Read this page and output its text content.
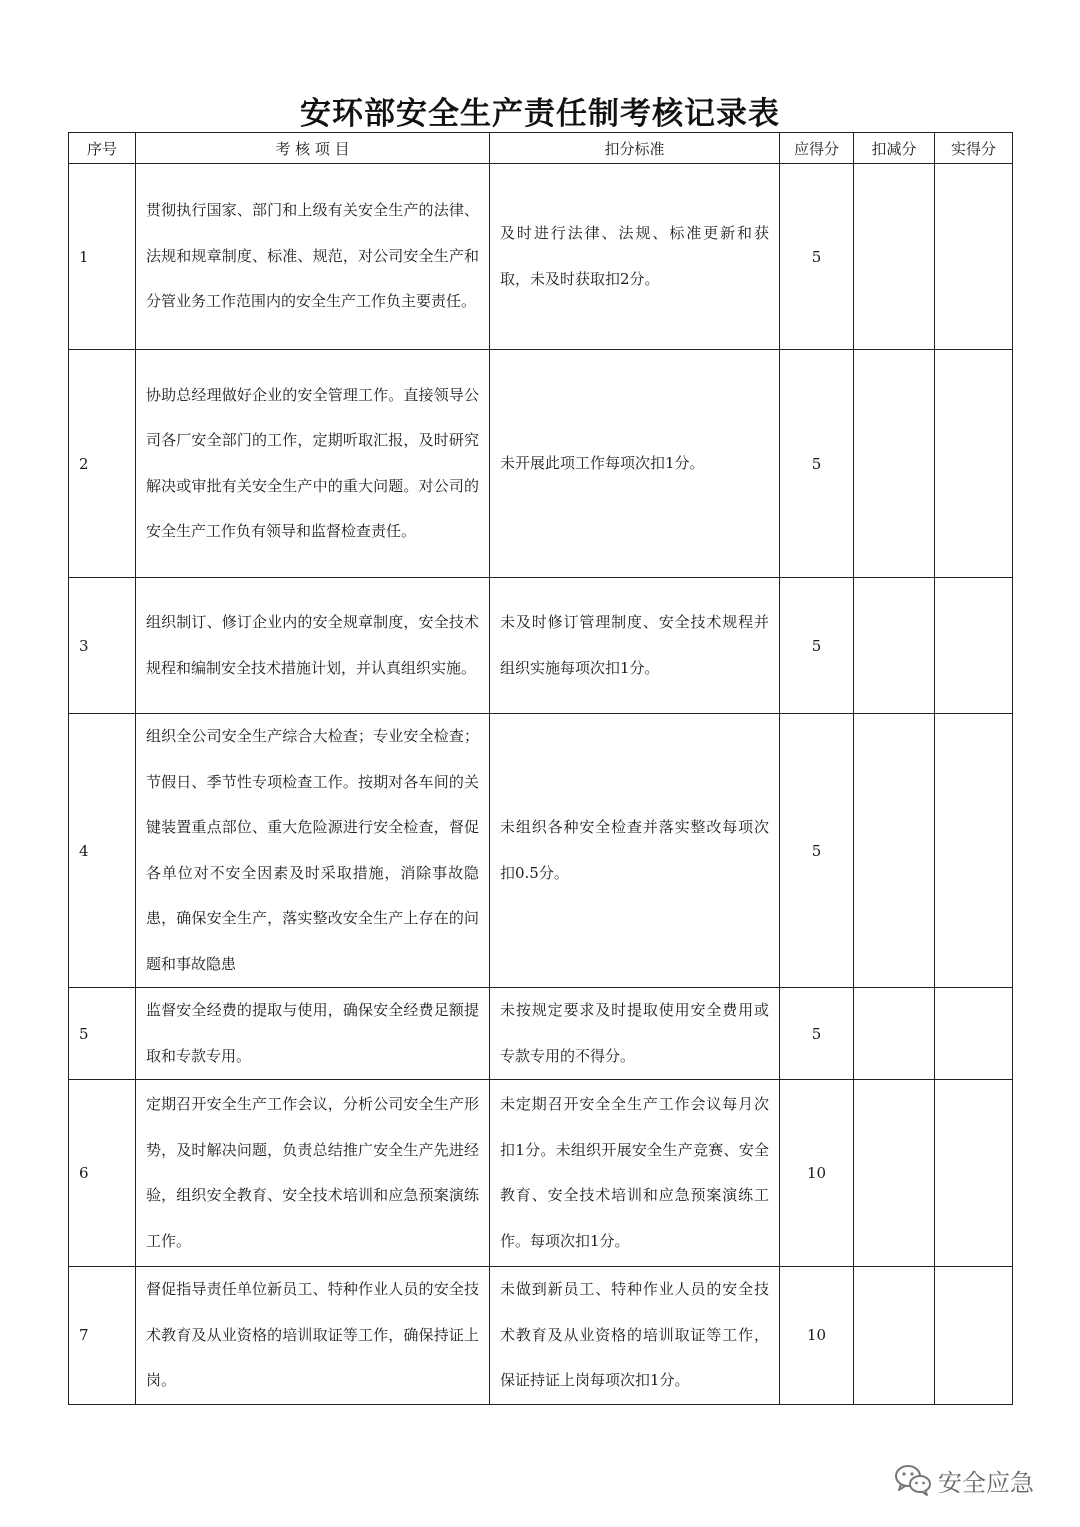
安环部安全生产责任制考核记录表
序号	考 核 项 目	扣分标准	应得分	扣减分	实得分
1	贯彻执行国家、部门和上级有关安全生产的法律、法规和规章制度、标准、规范，对公司安全生产和分管业务工作范围内的安全生产工作负主要责任。	及时进行法律、法规、标准更新和获取，未及时获取扣2分。	5		
2	协助总经理做好企业的安全管理工作。直接领导公司各厂安全部门的工作，定期听取汇报，及时研究解决或审批有关安全生产中的重大问题。对公司的安全生产工作负有领导和监督检查责任。	未开展此项工作每项次扣1分。	5		
3	组织制订、修订企业内的安全规章制度，安全技术规程和编制安全技术措施计划，并认真组织实施。	未及时修订管理制度、安全技术规程并组织实施每项次扣1分。	5		
4	组织全公司安全生产综合大检查；专业安全检查；节假日、季节性专项检查工作。按期对各车间的关键装置重点部位、重大危险源进行安全检查，督促各单位对不安全因素及时采取措施，消除事故隐患，确保安全生产，落实整改安全生产上存在的问题和事故隐患	未组织各种安全检查并落实整改每项次扣0.5分。	5		
5	监督安全经费的提取与使用，确保安全经费足额提取和专款专用。	未按规定要求及时提取使用安全费用或专款专用的不得分。	5		
6	定期召开安全生产工作会议，分析公司安全生产形势，及时解决问题，负责总结推广安全生产先进经验，组织安全教育、安全技术培训和应急预案演练工作。	未定期召开安全全生产工作会议每月次扣1分。未组织开展安全生产竞赛、安全教育、安全技术培训和应急预案演练工作。每项次扣1分。	10		
7	督促指导责任单位新员工、特种作业人员的安全技术教育及从业资格的培训取证等工作，确保持证上岗。	未做到新员工、特种作业人员的安全技术教育及从业资格的培训取证等工作，保证持证上岗每项次扣1分。	10		
安全应急
